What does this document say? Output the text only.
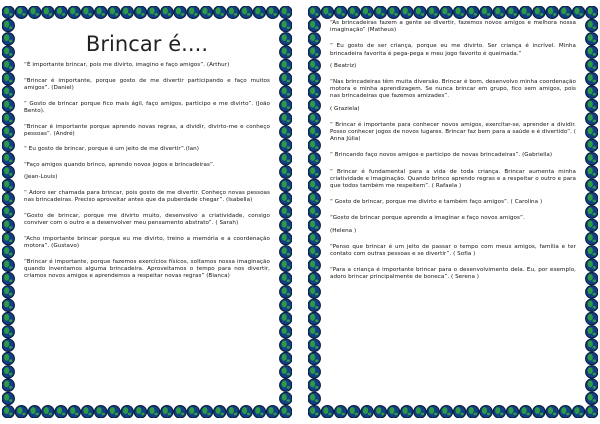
Brincar é....
“É importante brincar, pois me divirto, imagino e faço amigos”. (Arthur)
“Brincar é importante, porque gosto de me divertir participando e faço muitos amigos”. (Daniel)
“ Gosto de brincar porque fico mais ágil, faço amigos, participo e me divirto”. (João Bento).
“Brincar é importante porque aprendo novas regras, a dividir, divirto-me e conheço pessoas”. (André)
“ Eu gosto de brincar, porque é um jeito de me divertir”.(Ian)
“Faço amigos quando brinco, aprendo novos jogos e brincadeiras”.
(Jean-Louis)
“ Adoro ser chamada para brincar, pois gosto de me divertir. Conheço novas pessoas nas brincadeiras. Preciso aproveitar antes que da puberdade chegar”. (Isabella)
“Gosto de brincar, porque me divirto muito, desenvolvo a criatividade, consigo conviver com o outro e a desenvolver meu pensamento abstrato”. ( Sarah)
“Acho importante brincar porque eu me divirto, treino a memória e a coordenação motora”. (Gustavo)
“Brincar é importante, porque fazemos exercícios físicos, soltamos nossa imaginação quando inventamos alguma brincadeira. Aproveitamos o tempo para nos divertir, criamos novos amigos e aprendemos a respeitar novas regras” (Bianca)
“As brincadeiras fazem a gente se divertir, fazemos novos amigos e melhora nossa imaginação” (Matheus)
“ Eu gosto de ser criança, porque eu me divirto. Ser criança é incrível. Minha brincadeira favorita é pega-pega e meu jogo favorito é queimada.”
( Beatriz)
“Nas brincadeiras têm muita diversão. Brincar é bom, desenvolvo minha coordenação motora e minha aprendizagem. Se nunca brincar em grupo, fico sem amigos, pois nas brincadeiras que fazemos amizades”.
( Graziela)
“ Brincar é importante para conhecer novos amigos, exercitar-se, aprender a dividir. Posso conhecer jogos de novos lugares. Brincar faz bem para a saúde e é divertido”. ( Anna Júlia)
“ Brincando faço novos amigos e participo de novas brincadeiras”. (Gabriella)
“ Brincar é fundamental para a vida de toda criança. Brincar aumenta minha criatividade e imaginação. Quando brinco aprendo regras e a respeitar o outro e para que todos também me respeitem”. ( Rafaela )
“ Gosto de brincar, porque me divirto e também faço amigos”. ( Carolina )
“Gosto de brincar porque aprendo a imaginar e faço novos amigos”.
(Helena )
“Penso que brincar é um jeito de passar o tempo com meus amigos, família e ter contato com outras pessoas e se divertir”. ( Sofia )
“Para a criança é importante brincar para o desenvolvimento dela. Eu, por exemplo, adoro brincar principalmente de boneca”. ( Serena )
